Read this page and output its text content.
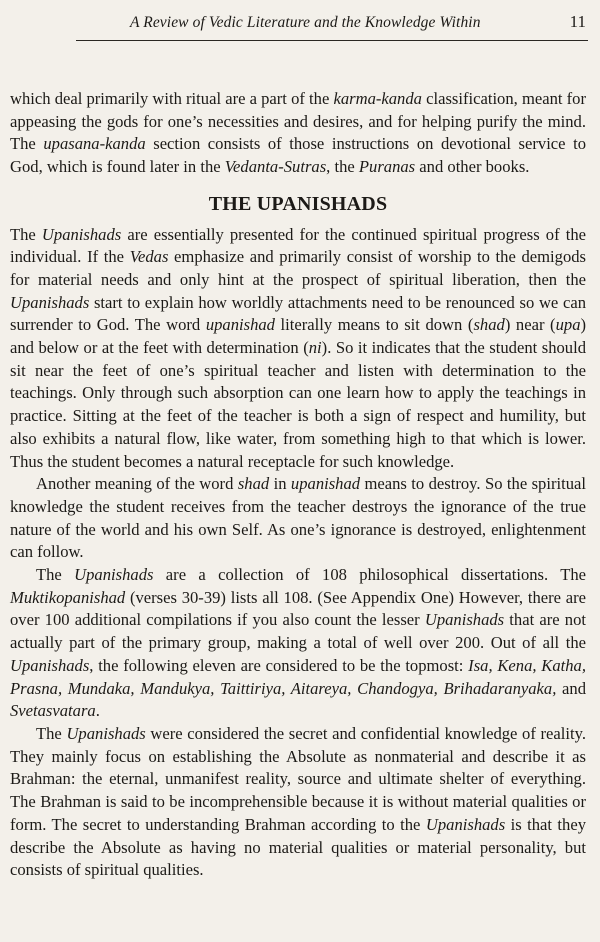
A Review of Vedic Literature and the Knowledge Within	11

which deal primarily with ritual are a part of the karma-kanda classification, meant for appeasing the gods for one’s necessities and desires, and for helping purify the mind. The upasana-kanda section consists of those instructions on devotional service to God, which is found later in the Vedanta-Sutras, the Puranas and other books.

THE UPANISHADS

The Upanishads are essentially presented for the continued spiritual progress of the individual. If the Vedas emphasize and primarily consist of worship to the demigods for material needs and only hint at the prospect of spiritual liberation, then the Upanishads start to explain how worldly attachments need to be renounced so we can surrender to God. The word upanishad literally means to sit down (shad) near (upa) and below or at the feet with determination (ni). So it indicates that the student should sit near the feet of one’s spiritual teacher and listen with determination to the teachings. Only through such absorption can one learn how to apply the teachings in practice. Sitting at the feet of the teacher is both a sign of respect and humility, but also exhibits a natural flow, like water, from something high to that which is lower. Thus the student becomes a natural receptacle for such knowledge.

Another meaning of the word shad in upanishad means to destroy. So the spiritual knowledge the student receives from the teacher destroys the ignorance of the true nature of the world and his own Self. As one’s ignorance is destroyed, enlightenment can follow.

The Upanishads are a collection of 108 philosophical dissertations. The Muktikopanishad (verses 30-39) lists all 108. (See Appendix One) However, there are over 100 additional compilations if you also count the lesser Upanishads that are not actually part of the primary group, making a total of well over 200. Out of all the Upanishads, the following eleven are considered to be the topmost: Isa, Kena, Katha, Prasna, Mundaka, Mandukya, Taittiriya, Aitareya, Chandogya, Brihadaranyaka, and Svetasvatara.

The Upanishads were considered the secret and confidential knowledge of reality. They mainly focus on establishing the Absolute as nonmaterial and describe it as Brahman: the eternal, unmanifest reality, source and ultimate shelter of everything. The Brahman is said to be incomprehensible because it is without material qualities or form. The secret to understanding Brahman according to the Upanishads is that they describe the Absolute as having no material qualities or material personality, but consists of spiritual qualities.
